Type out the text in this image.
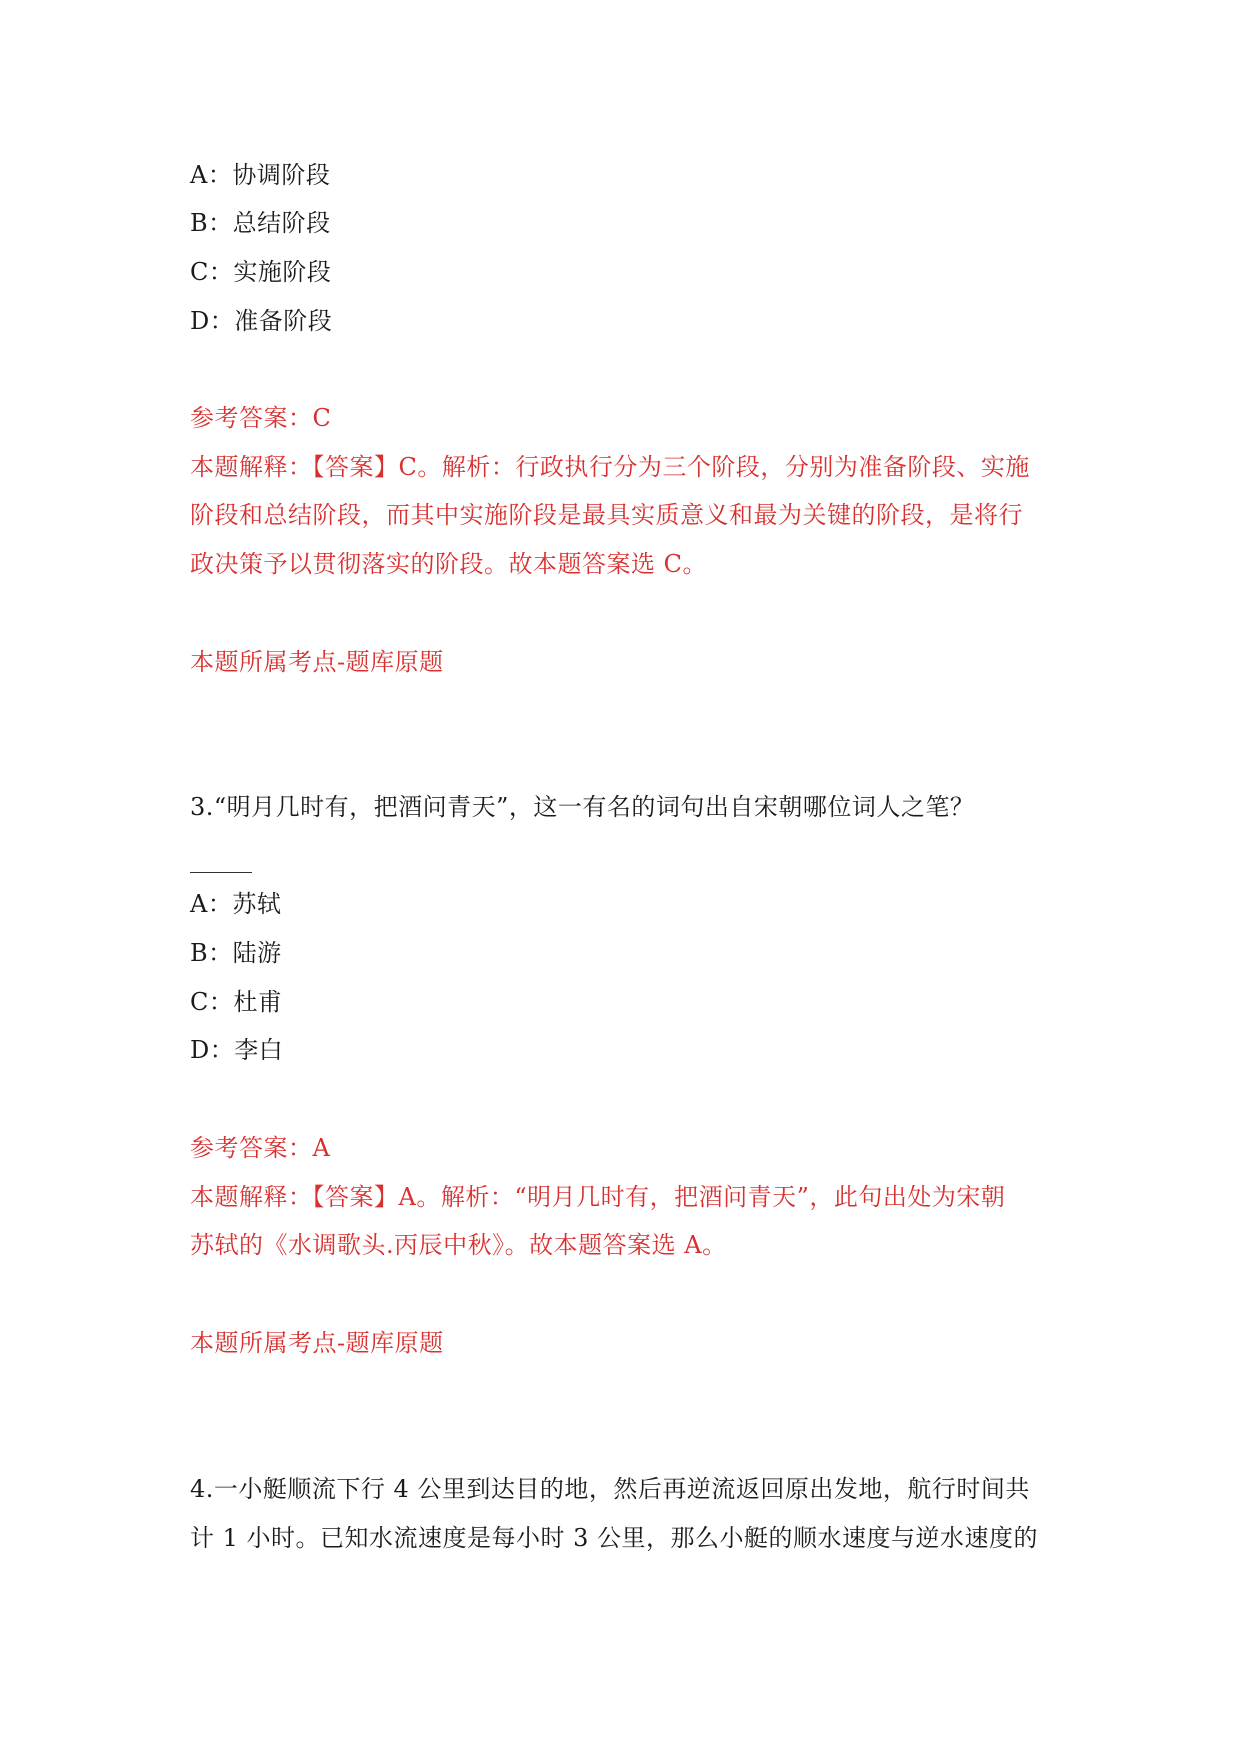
A：协调阶段
B：总结阶段
C：实施阶段
D：准备阶段
参考答案：C
本题解释：【答案】C。解析：行政执行分为三个阶段，分别为准备阶段、实施
阶段和总结阶段，而其中实施阶段是最具实质意义和最为关键的阶段，是将行
政决策予以贯彻落实的阶段。故本题答案选 C。
本题所属考点-题库原题
3.“明月几时有，把酒问青天”，这一有名的词句出自宋朝哪位词人之笔？
A：苏轼
B：陆游
C：杜甫
D：李白
参考答案：A
本题解释：【答案】A。解析：“明月几时有，把酒问青天”，此句出处为宋朝
苏轼的《水调歌头.丙辰中秋》。故本题答案选 A。
本题所属考点-题库原题
4.一小艇顺流下行 4 公里到达目的地，然后再逆流返回原出发地，航行时间共
计 1 小时。已知水流速度是每小时 3 公里，那么小艇的顺水速度与逆水速度的
